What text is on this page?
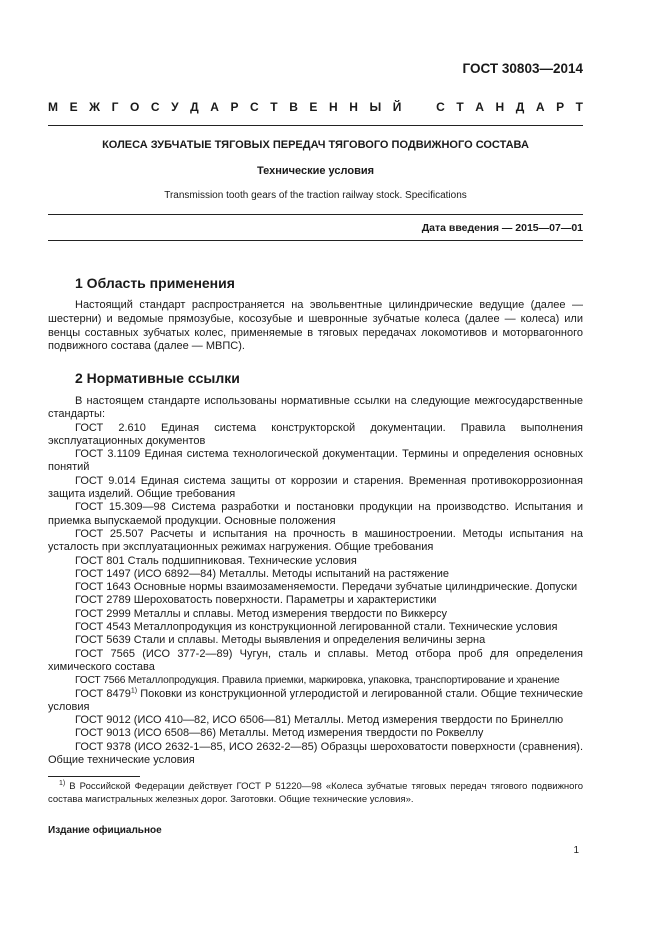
ГОСТ 30803—2014
М Е Ж Г О С У Д А Р С Т В Е Н Н Ы Й	С Т А Н Д А Р Т
КОЛЕСА ЗУБЧАТЫЕ ТЯГОВЫХ ПЕРЕДАЧ ТЯГОВОГО ПОДВИЖНОГО СОСТАВА
Технические условия
Transmission tooth gears of the traction railway stock. Specifications
Дата введения — 2015—07—01
1 Область применения

Настоящий стандарт распространяется на эвольвентные цилиндрические ведущие (далее — шестерни) и ведомые прямозубые, косозубые и шевронные зубчатые колеса (далее — колеса) или венцы составных зубчатых колес, применяемые в тяговых передачах локомотивов и моторвагонного подвижного состава (далее — МВПС).

2 Нормативные ссылки
В настоящем стандарте использованы нормативные ссылки на следующие межгосударственные стандарты:
ГОСТ 2.610 Единая система конструкторской документации. Правила выполнения эксплуатационных документов
ГОСТ 3.1109 Единая система технологической документации. Термины и определения основных понятий
ГОСТ 9.014 Единая система защиты от коррозии и старения. Временная противокоррозионная защита изделий. Общие требования
ГОСТ 15.309—98 Система разработки и постановки продукции на производство. Испытания и приемка выпускаемой продукции. Основные положения
ГОСТ 25.507 Расчеты и испытания на прочность в машиностроении. Методы испытания на усталость при эксплуатационных режимах нагружения. Общие требования
ГОСТ 801 Сталь подшипниковая. Технические условия
ГОСТ 1497 (ИСО 6892—84) Металлы. Методы испытаний на растяжение
ГОСТ 1643 Основные нормы взаимозаменяемости. Передачи зубчатые цилиндрические. Допуски
ГОСТ 2789 Шероховатость поверхности. Параметры и характеристики
ГОСТ 2999 Металлы и сплавы. Метод измерения твердости по Виккерсу
ГОСТ 4543 Металлопродукция из конструкционной легированной стали. Технические условия
ГОСТ 5639 Стали и сплавы. Методы выявления и определения величины зерна
ГОСТ 7565 (ИСО 377-2—89) Чугун, сталь и сплавы. Метод отбора проб для определения химического состава
ГОСТ 7566 Металлопродукция. Правила приемки, маркировка, упаковка, транспортирование и хранение
ГОСТ 8479$^{1)}$ Поковки из конструкционной углеродистой и легированной стали. Общие технические условия
ГОСТ 9012 (ИСО 410—82, ИСО 6506—81) Металлы. Метод измерения твердости по Бринеллю
ГОСТ 9013 (ИСО 6508—86) Металлы. Метод измерения твердости по Роквеллу
ГОСТ 9378 (ИСО 2632-1—85, ИСО 2632-2—85) Образцы шероховатости поверхности (сравнения). Общие технические условия

$^{1)}$ В Российской Федерации действует ГОСТ Р 51220—98 «Колеса зубчатые тяговых передач тягового подвижного состава магистральных железных дорог. Заготовки. Общие технические условия».

Издание официальное
1
